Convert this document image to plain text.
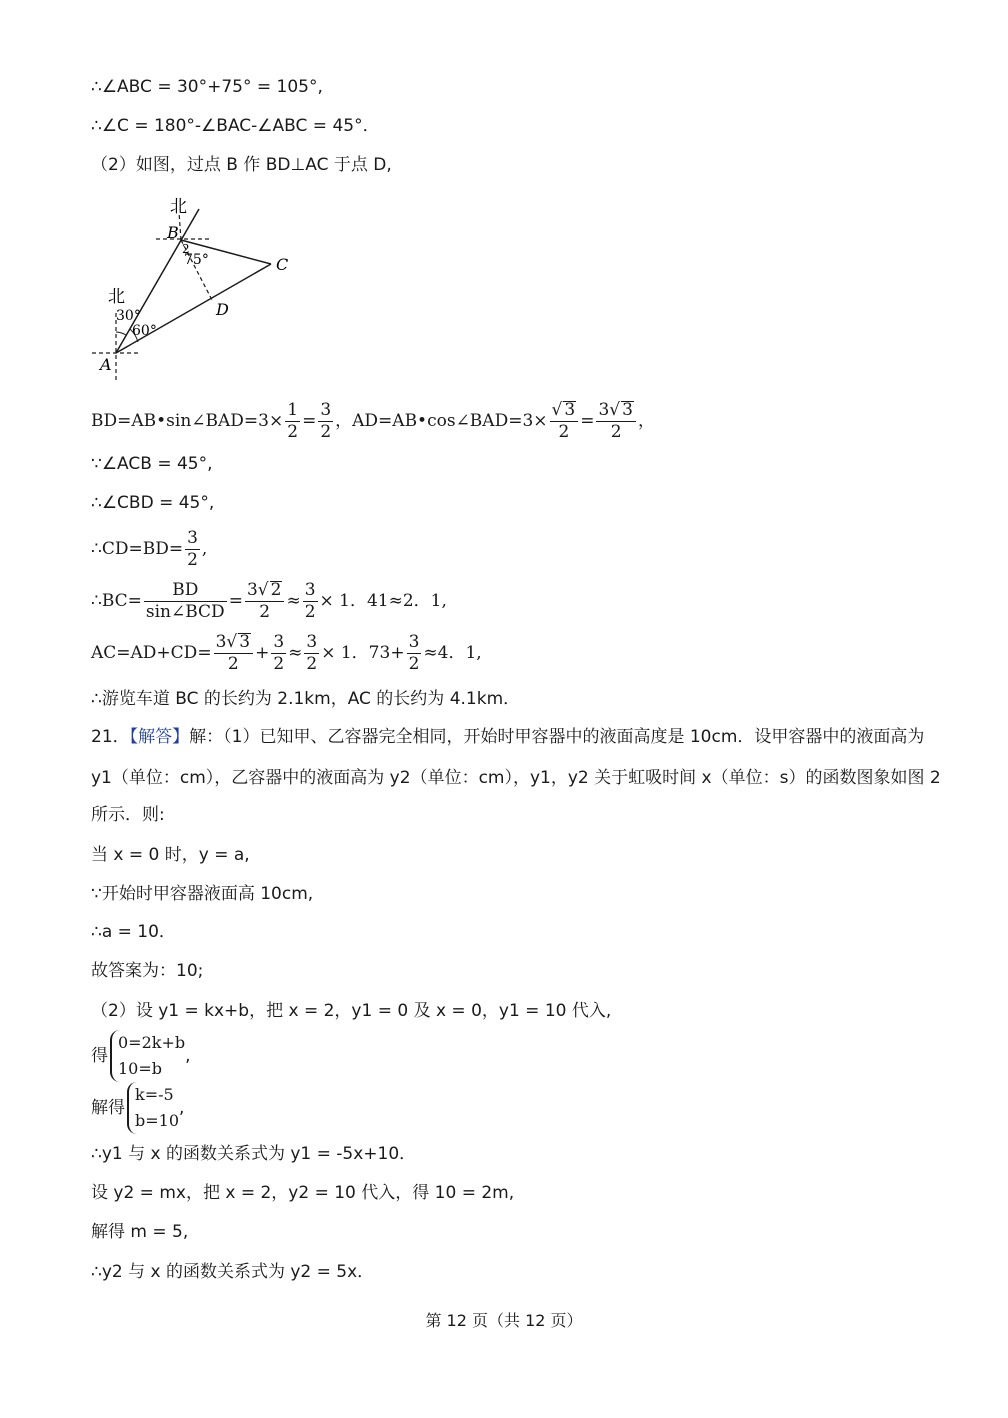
∴∠ABC = 30°+75° = 105°,
∴∠C = 180°-∠BAC-∠ABC = 45°．
（2）如图，过点 B 作 BD⊥AC 于点 D,
北
北
B
2
75°	C
D
30°
60°
A
BD=AB•sin∠BAD=3× $\frac{1}{2} = \frac{3}{2}$ ，AD=AB•cos∠BAD=3× $\frac{√ 3}{2} = \frac{3√ 3}{2}$ ，
∵∠ACB = 45°,
∴∠CBD = 45°,
∴CD=BD= $\frac{3}{2}$ ,
∴BC= $\frac{BD}{\text{sin∠BCD}} = \frac{3√ 2}{2} \approx \frac{3}{2} \times 1$．41≈2．1,
$AC=AD+CD= \frac{3√ 3}{2} + \frac{3}{2} \approx \frac{3}{2} \times 1$．$73+ \frac{3}{2} \approx 4$．1,
∴游览车道 BC 的长约为 2.1km，AC 的长约为 4.1km．
21．【解答】解：（1）已知甲、乙容器完全相同，开始时甲容器中的液面高度是 10cm．设甲容器中的液面高为
y1（单位：cm），乙容器中的液面高为 y2（单位：cm），y1，y2 关于虹吸时间 x（单位：s）的函数图象如图 2
所示．则:
当 x = 0 时，y = a,
∵开始时甲容器液面高 10cm,
∴a = 10．
故答案为：10;
（2）设 y1 = kx+b，把 x = 2，y1 = 0 及 x = 0，y1 = 10 代入,
得
0=2k+b
10=b
,
解得
k=-5
b=10
,
∴y1 与 x 的函数关系式为 y1 = -5x+10．
设 y2 = mx，把 x = 2，y2 = 10 代入，得 10 = 2m,
解得 m = 5,
∴y2 与 x 的函数关系式为 y2 = 5x．
第 12 页（共 12 页）
